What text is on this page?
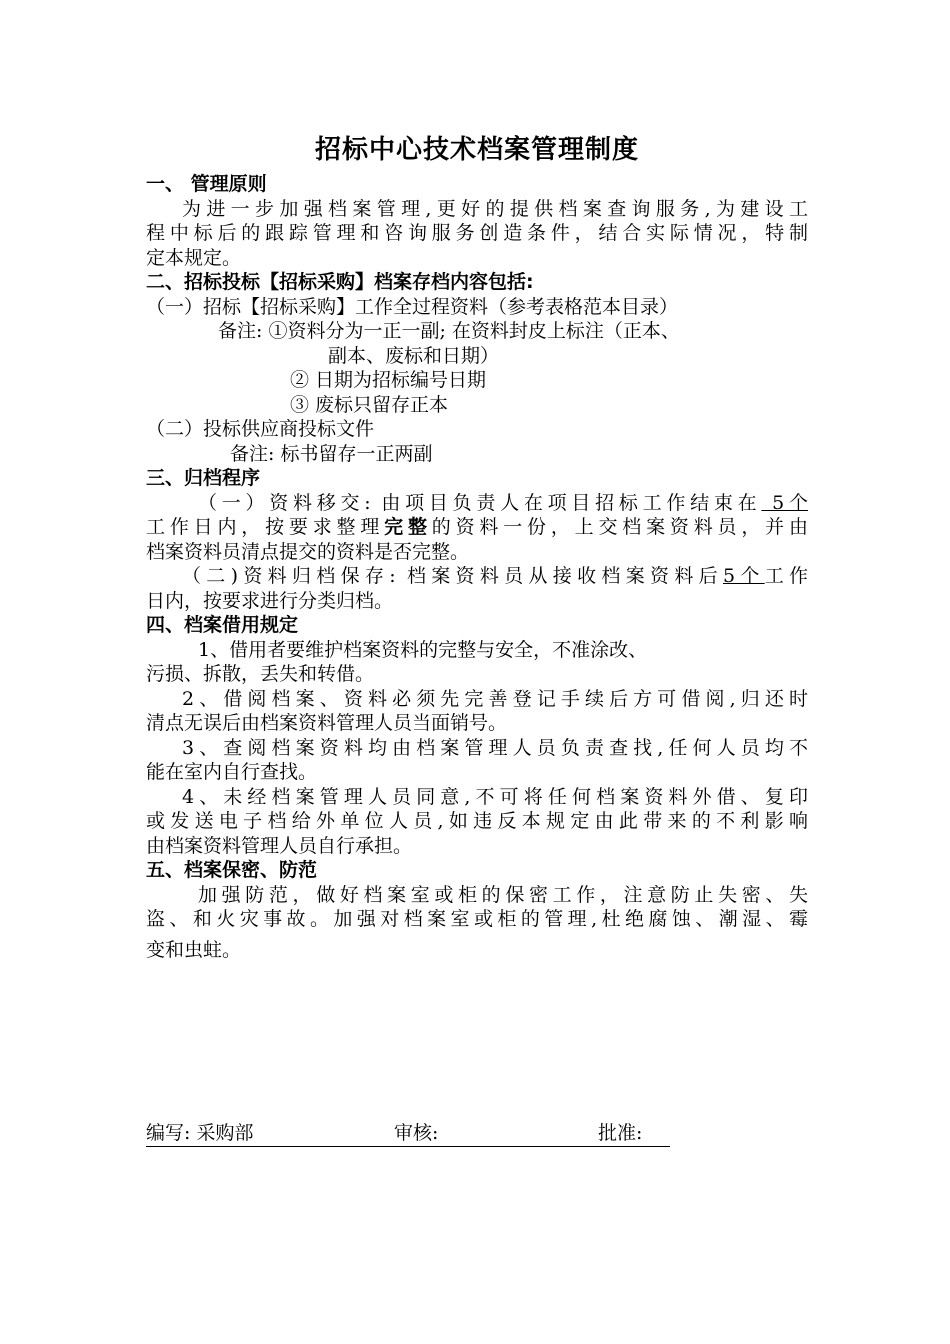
招标中心技术档案管理制度

一、 管理原则

为进一步加强档案管理,更好的提供档案查询服务,为建设工

程中标后的跟踪管理和咨询服务创造条件，结合实际情况，特制

定本规定。

二、招标投标【招标采购】档案存档内容包括:

（一）招标【招标采购】工作全过程资料（参考表格范本目录）

备注: ①资料分为一正一副; 在资料封皮上标注（正本、

副本、废标和日期）

② 日期为招标编号日期

③ 废标只留存正本

（二）投标供应商投标文件

备注: 标书留存一正两副

三、归档程序

（一）资料移交: 由项目负责人在项目招标工作结束在 5个

工作日内，按要求整理完整的资料一份，上交档案资料员，并由

档案资料员清点提交的资料是否完整。

（二)资料归档保存: 档案资料员从接收档案资料后5个工作

日内，按要求进行分类归档。

四、档案借用规定

1、借用者要维护档案资料的完整与安全，不准涂改、

污损、拆散，丢失和转借。

2、借阅档案、资料必须先完善登记手续后方可借阅,归还时

清点无误后由档案资料管理人员当面销号。

3、查阅档案资料均由档案管理人员负责查找,任何人员均不

能在室内自行查找。

4、未经档案管理人员同意,不可将任何档案资料外借、复印

或发送电子档给外单位人员,如违反本规定由此带来的不利影响

由档案资料管理人员自行承担。

五、档案保密、防范

加强防范，做好档案室或柜的保密工作，注意防止失密、失

盗、和火灾事故。加强对档案室或柜的管理,杜绝腐蚀、潮湿、霉

变和虫蛀。

编写: 采购部	审核:	批准:
